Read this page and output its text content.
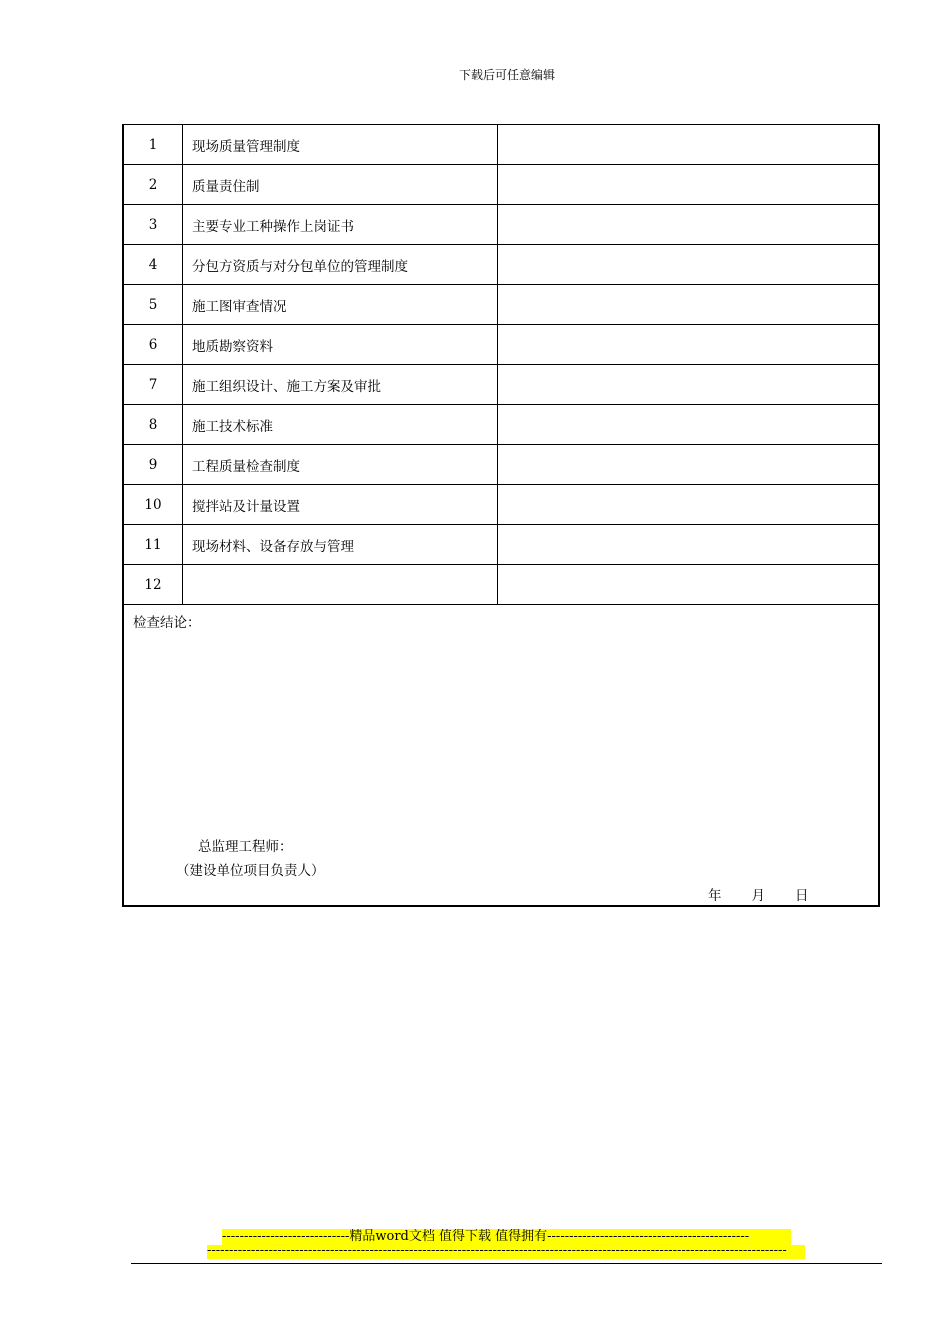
下载后可任意编辑
1	现场质量管理制度	
2	质量责住制	
3	主要专业工种操作上岗证书	
4	分包方资质与对分包单位的管理制度	
5	施工图审查情况	
6	地质勘察资料	
7	施工组织设计、施工方案及审批	
8	施工技术标准	
9	工程质量检查制度	
10	搅拌站及计量设置	
11	现场材料、设备存放与管理	
12		
检查结论：
总监理工程师：
（建设单位项目负责人）
年 月 日
-----------------------------精品word文档 值得下载 值得拥有----------------------------------------------
------------------------------------------------------------------------------------------------------------------------------------
